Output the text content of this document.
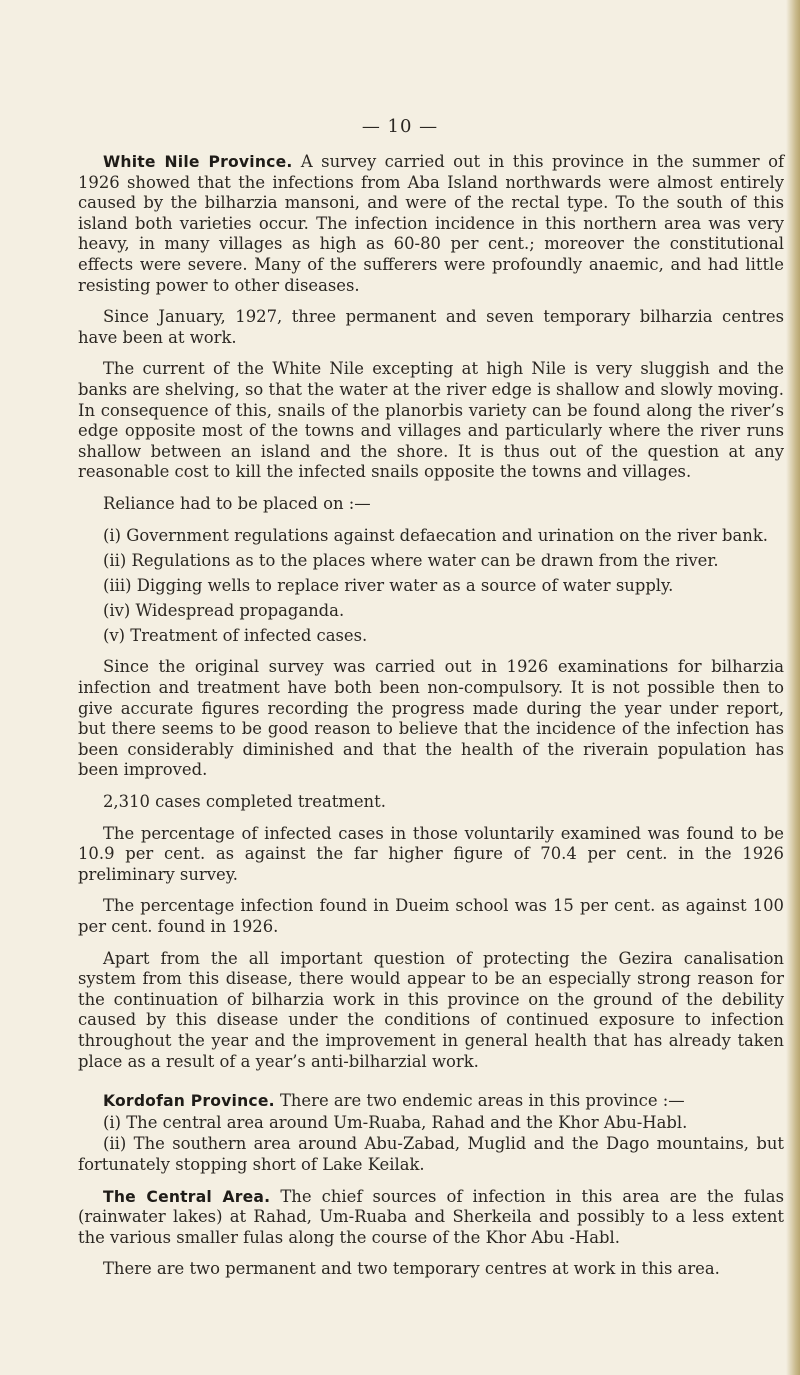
— 10 —

White Nile Province. A survey carried out in this province in the summer of 1926 showed that the infections from Aba Island northwards were almost entirely caused by the bilharzia mansoni, and were of the rectal type. To the south of this island both varieties occur. The infection incidence in this northern area was very heavy, in many villages as high as 60-80 per cent.; moreover the constitutional effects were severe. Many of the sufferers were profoundly anaemic, and had little resisting power to other diseases.

Since January, 1927, three permanent and seven temporary bilharzia centres have been at work.

The current of the White Nile excepting at high Nile is very sluggish and the banks are shelving, so that the water at the river edge is shallow and slowly moving. In consequence of this, snails of the planorbis variety can be found along the river’s edge opposite most of the towns and villages and particularly where the river runs shallow between an island and the shore. It is thus out of the question at any reasonable cost to kill the infected snails opposite the towns and villages.

Reliance had to be placed on :—

(i) Government regulations against defaecation and urination on the river bank.

(ii) Regulations as to the places where water can be drawn from the river.

(iii) Digging wells to replace river water as a source of water supply.

(iv) Widespread propaganda.

(v) Treatment of infected cases.

Since the original survey was carried out in 1926 examinations for bilharzia infection and treatment have both been non-compulsory. It is not possible then to give accurate figures recording the progress made during the year under report, but there seems to be good reason to believe that the incidence of the infection has been considerably diminished and that the health of the riverain population has been improved.

2,310 cases completed treatment.

The percentage of infected cases in those voluntarily examined was found to be 10.9 per cent. as against the far higher figure of 70.4 per cent. in the 1926 preliminary survey.

The percentage infection found in Dueim school was 15 per cent. as against 100 per cent. found in 1926.

Apart from the all important question of protecting the Gezira canalisation system from this disease, there would appear to be an especially strong reason for the continuation of bilharzia work in this province on the ground of the debility caused by this disease under the conditions of continued exposure to infection throughout the year and the improvement in general health that has already taken place as a result of a year’s anti-bilharzial work.

Kordofan Province. There are two endemic areas in this province :—

(i) The central area around Um-Ruaba, Rahad and the Khor Abu-Habl.

(ii) The southern area around Abu-Zabad, Muglid and the Dago mountains, but fortunately stopping short of Lake Keilak.

The Central Area. The chief sources of infection in this area are the fulas (rainwater lakes) at Rahad, Um-Ruaba and Sherkeila and possibly to a less extent the various smaller fulas along the course of the Khor Abu -Habl.

There are two permanent and two temporary centres at work in this area.
